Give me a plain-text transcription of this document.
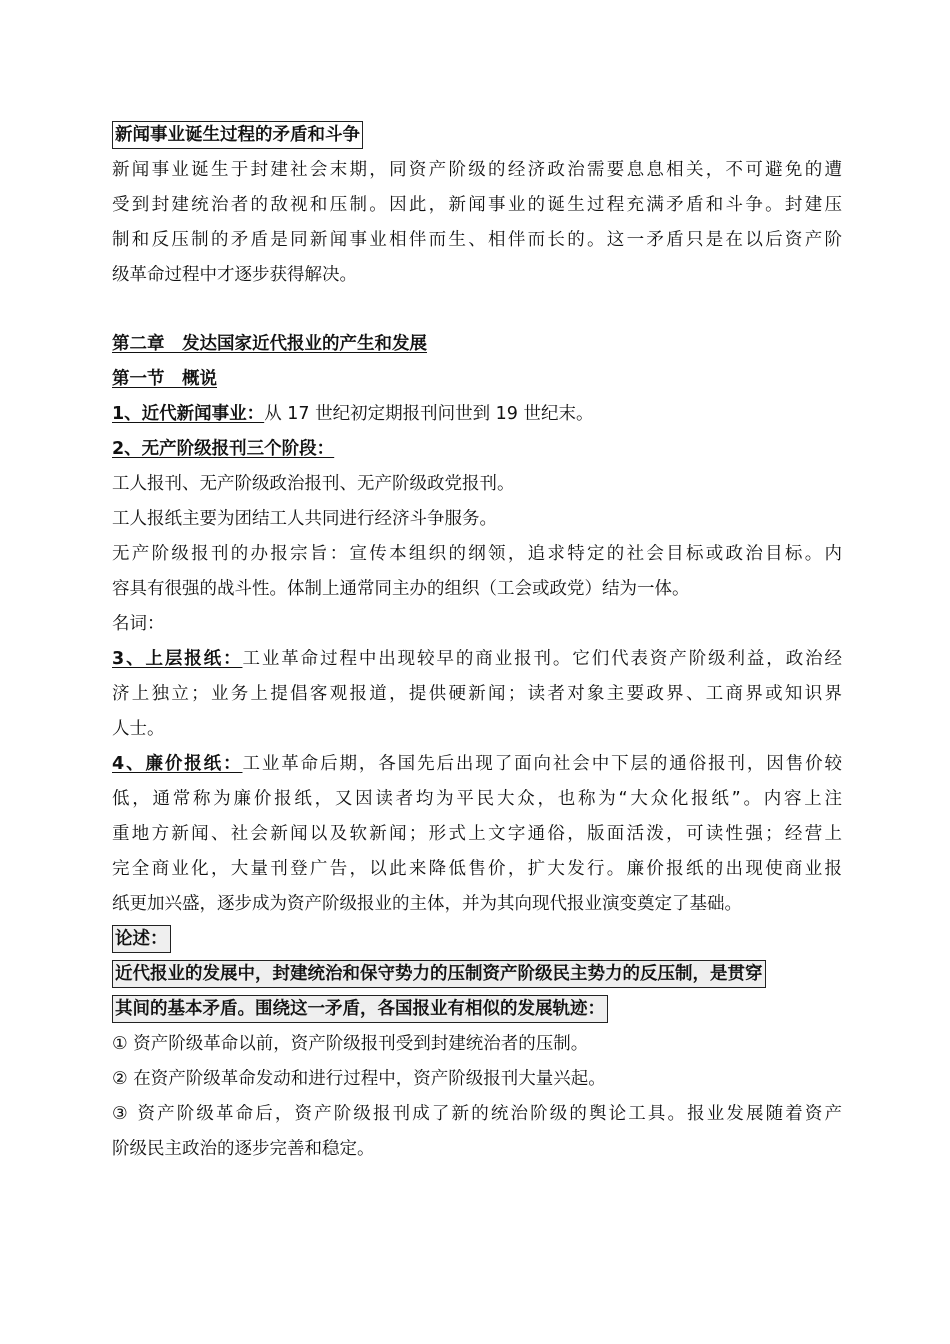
新闻事业诞生过程的矛盾和斗争
新闻事业诞生于封建社会末期，同资产阶级的经济政治需要息息相关，不可避免的遭
受到封建统治者的敌视和压制。因此，新闻事业的诞生过程充满矛盾和斗争。封建压
制和反压制的矛盾是同新闻事业相伴而生、相伴而长的。这一矛盾只是在以后资产阶
级革命过程中才逐步获得解决。
第二章　发达国家近代报业的产生和发展
第一节　概说
1、近代新闻事业：从 17 世纪初定期报刊问世到 19 世纪末。
2、无产阶级报刊三个阶段：
工人报刊、无产阶级政治报刊、无产阶级政党报刊。
工人报纸主要为团结工人共同进行经济斗争服务。
无产阶级报刊的办报宗旨：宣传本组织的纲领，追求特定的社会目标或政治目标。内
容具有很强的战斗性。体制上通常同主办的组织（工会或政党）结为一体。
名词：
3、上层报纸：工业革命过程中出现较早的商业报刊。它们代表资产阶级利益，政治经
济上独立；业务上提倡客观报道，提供硬新闻；读者对象主要政界、工商界或知识界
人士。
4、廉价报纸：工业革命后期，各国先后出现了面向社会中下层的通俗报刊，因售价较
低，通常称为廉价报纸，又因读者均为平民大众，也称为“大众化报纸”。内容上注
重地方新闻、社会新闻以及软新闻；形式上文字通俗，版面活泼，可读性强；经营上
完全商业化，大量刊登广告，以此来降低售价，扩大发行。廉价报纸的出现使商业报
纸更加兴盛，逐步成为资产阶级报业的主体，并为其向现代报业演变奠定了基础。
论述：
近代报业的发展中，封建统治和保守势力的压制资产阶级民主势力的反压制，是贯穿
其间的基本矛盾。围绕这一矛盾，各国报业有相似的发展轨迹：
① 资产阶级革命以前，资产阶级报刊受到封建统治者的压制。
② 在资产阶级革命发动和进行过程中，资产阶级报刊大量兴起。
③ 资产阶级革命后，资产阶级报刊成了新的统治阶级的舆论工具。报业发展随着资产
阶级民主政治的逐步完善和稳定。
